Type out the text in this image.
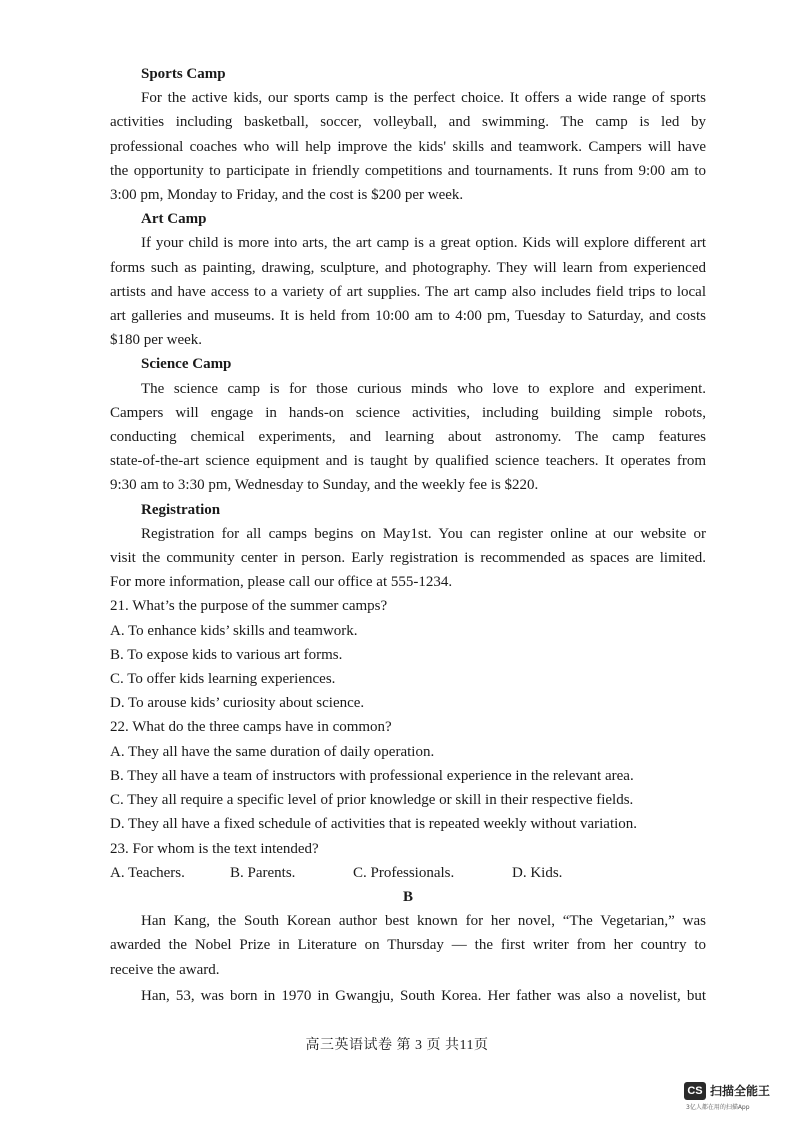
Sports Camp
For the active kids, our sports camp is the perfect choice. It offers a wide range of sports
activities including basketball, soccer, volleyball, and swimming. The camp is led by
professional coaches who will help improve the kids' skills and teamwork. Campers will have
the opportunity to participate in friendly competitions and tournaments. It runs from 9:00 am to
3:00 pm, Monday to Friday, and the cost is $200 per week.
Art Camp
If your child is more into arts, the art camp is a great option. Kids will explore different art
forms such as painting, drawing, sculpture, and photography. They will learn from experienced
artists and have access to a variety of art supplies. The art camp also includes field trips to local
art galleries and museums. It is held from 10:00 am to 4:00 pm, Tuesday to Saturday, and costs
$180 per week.
Science Camp
The science camp is for those curious minds who love to explore and experiment.
Campers will engage in hands-on science activities, including building simple robots,
conducting chemical experiments, and learning about astronomy. The camp features
state-of-the-art science equipment and is taught by qualified science teachers. It operates from
9:30 am to 3:30 pm, Wednesday to Sunday, and the weekly fee is $220.
Registration
Registration for all camps begins on May1st. You can register online at our website or
visit the community center in person. Early registration is recommended as spaces are limited.
For more information, please call our office at 555-1234.
21. What’s the purpose of the summer camps?
A. To enhance kids’ skills and teamwork.
B. To expose kids to various art forms.
C. To offer kids learning experiences.
D. To arouse kids’ curiosity about science.
22. What do the three camps have in common?
A. They all have the same duration of daily operation.
B. They all have a team of instructors with professional experience in the relevant area.
C. They all require a specific level of prior knowledge or skill in their respective fields.
D. They all have a fixed schedule of activities that is repeated weekly without variation.
23. For whom is the text intended?
A. Teachers.	B. Parents.	C. Professionals.	D. Kids.
B
Han Kang, the South Korean author best known for her novel, “The Vegetarian,” was
awarded the Nobel Prize in Literature on Thursday — the first writer from her country to
receive the award.
Han, 53, was born in 1970 in Gwangju, South Korea. Her father was also a novelist, but
高三英语试卷 第 3 页 共11页
CS 扫描全能王
3亿人都在用的扫描App
